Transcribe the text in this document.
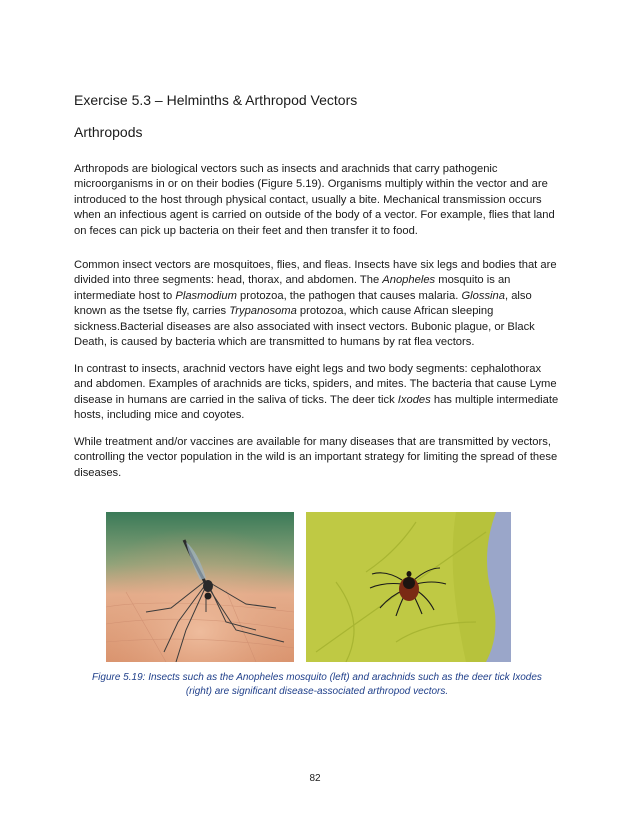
Exercise 5.3 – Helminths & Arthropod Vectors
Arthropods

Arthropods are biological vectors such as insects and arachnids that carry pathogenic microorganisms in or on their bodies (Figure 5.19). Organisms multiply within the vector and are introduced to the host through physical contact, usually a bite. Mechanical transmission occurs when an infectious agent is carried on outside of the body of a vector. For example, flies that land on feces can pick up bacteria on their feet and then transfer it to food.

Common insect vectors are mosquitoes, flies, and fleas. Insects have six legs and bodies that are divided into three segments: head, thorax, and abdomen. The Anopheles mosquito is an intermediate host to Plasmodium protozoa, the pathogen that causes malaria. Glossina, also known as the tsetse fly, carries Trypanosoma protozoa, which cause African sleeping sickness.Bacterial diseases are also associated with insect vectors. Bubonic plague, or Black Death, is caused by bacteria which are transmitted to humans by rat flea vectors.

In contrast to insects, arachnid vectors have eight legs and two body segments: cephalothorax and abdomen. Examples of arachnids are ticks, spiders, and mites. The bacteria that cause Lyme disease in humans are carried in the saliva of ticks. The deer tick Ixodes has multiple intermediate hosts, including mice and coyotes.

While treatment and/or vaccines are available for many diseases that are transmitted by vectors, controlling the vector population in the wild is an important strategy for limiting the spread of these diseases.

Figure 5.19: Insects such as the Anopheles mosquito (left) and arachnids such as the deer tick Ixodes
(right) are significant disease-associated arthropod vectors.
82
